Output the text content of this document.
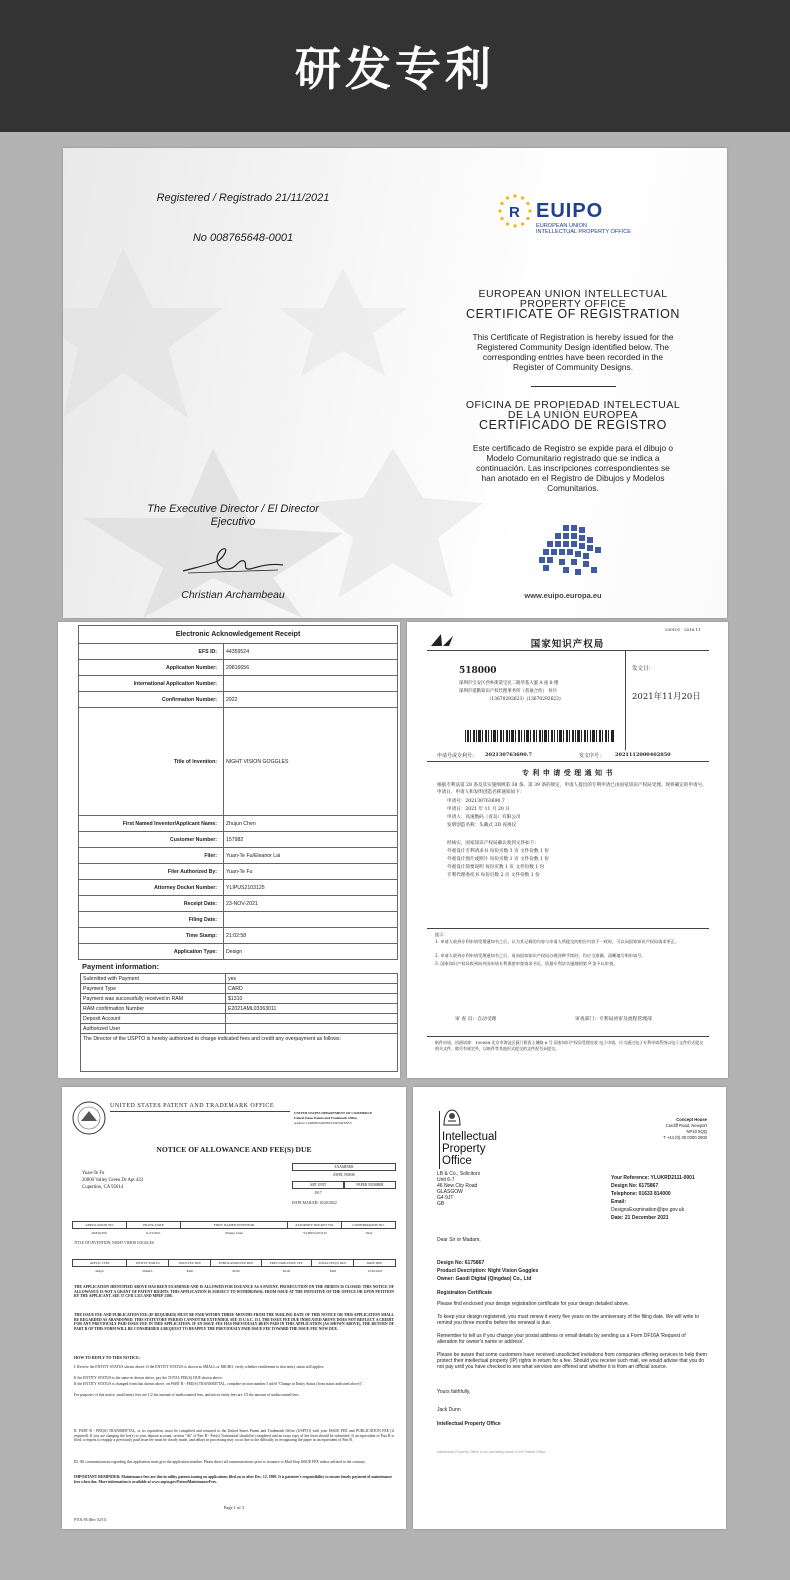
研发专利
Registered / Registrado 21/11/2021
No 008765648-0001
R EUIPO
EUROPEAN UNION
INTELLECTUAL PROPERTY OFFICE
EUROPEAN UNION INTELLECTUAL
PROPERTY OFFICE
CERTIFICATE OF REGISTRATION
This Certificate of Registration is hereby issued for the
Registered Community Design identified below. The
corresponding entries have been recorded in the
Register of Community Designs.
OFICINA DE PROPIEDAD INTELECTUAL
DE LA UNIÓN EUROPEA
CERTIFICADO DE REGISTRO
Este certificado de Registro se expide para el dibujo o
Modelo Comunitario registrado que se indica a
continuación. Las inscripciones correspondientes se
han anotado en el Registro de Dibujos y Modelos
Comunitarios.
The Executive Director / El Director
Ejecutivo
Christian Archambeau	www.euipo.europa.eu
Electronic Acknowledgement Receipt	
EFS ID:	44359524
Application Number:	29816656
International Application Number:	
Confirmation Number:	2922
Title of Invention:	NIGHT VISION GOGGLES
First Named Inventor/Applicant Name:	Zhujun Chen
Customer Number:	157982
Filer:	Yuan-Te Fu/Eleanor Lai
Filer Authorized By:	Yuan-Te Fu
Attorney Docket Number:	YLIPUS2103125
Receipt Date:	23-NOV-2021
Filing Date:	
Time Stamp:	21:02:58
Application Type:	Design
Payment information:
Submitted with Payment	yes
Payment Type	CARD
Payment was successfully received in RAM	$1310
RAM confirmation Number	E2021AML03363011
Deposit Account	
Authorized User	
The Director of the USPTO is hereby authorized to charge indicated fees and credit any overpayment as follows:	
200101 · 2018.11
国家知识产权局
518000
深圳市宝安区西乡街道宝民二路华基大厦 A 座 8 楼
深圳市道勤知识产权代理事务所（普通合伙） 何兵
（13670292623）(13670292623)
发文日：
2021年11月20日
申请号或专利号： 202130763690.7	发文序号： 2021112000402850
专 利 申 请 受 理 通 知 书
根据专利法第 28 条及其实施细则第 38 条、第 39 条的规定，申请人提出的专利申请已由国家知识产权局受理。现将确定的申请号、申请日、申请人和发明创造名称通知如下：
申请号：202130763690.7
申请日：2021 年 11 月 20 日
申请人：高速数码（青岛）有限公司
发明创造名称：头戴式 3D 夜视仪
经核实，国家知识产权局确认收到文件如下：
外观设计专利请求书 每份页数 3 页 文件份数 1 份
外观设计图片或照片 每份页数 1 页 文件份数 1 份
外观设计简要说明 每份页数 1 页 文件份数 1 份
专利代理委托书 每份页数 2 页 文件份数 1 份
提示：
1. 申请人收到专利申请受理通知书之后，认为其记载的内容与申请人所提交的相应内容不一致时，可以向国家知识产权局请求更正。
2. 申请人收到专利申请受理通知书之后，再向国家知识产权局办理各种手续时，均应当准确、清晰地写明申请号。
3. 国家知识产权局收到向外国申请专利保密审查请求书后，依据专利法实施细则第 9 条予以审查。
审 查 员：自动受理	审查部门：专利局初审及流程管理部
纸件申请，回函请寄：100088 北京市海淀区蓟门桥西土城路 6 号 国家知识产权局受理处收 电子申请，应当通过电子专利申请系统以电子文件形式提交相关文件。除另有规定外，以纸件等其他形式提交的文件视为未提交。
UNITED STATES PATENT AND TRADEMARK OFFICE
UNITED STATES DEPARTMENT OF COMMERCE
United States Patent and Trademark Office
Address: COMMISSIONER FOR PATENTS
NOTICE OF ALLOWANCE AND FEE(S) DUE
Yuan-Te Fu
20800 Valley Green Dr Apt 433
Cupertino, CA 95014
EXAMINER
JOHN, NOBIS
ART UNIT	PAPER NUMBER
2917
DATE MAILED: 10/20/2022
APPLICATION NO.	FILING DATE	FIRST NAMED INVENTOR	ATTORNEY DOCKET NO.	CONFIRMATION NO.
29/816,656	11/23/2021	Zhujun Chen	YLIPUS2103125	2922
TITLE OF INVENTION: NIGHT VISION GOGGLES
APPLN. TYPE	ENTITY STATUS	ISSUE FEE DUE	PUBLICATION FEE DUE	PREV. PAID ISSUE FEE	TOTAL FEE(S) DUE	DATE DUE
design	SMALL	$420	$0.00	$0.00	$420	01/20/2023
THE APPLICATION IDENTIFIED ABOVE HAS BEEN EXAMINED AND IS ALLOWED FOR ISSUANCE AS A PATENT. PROSECUTION ON THE MERITS IS CLOSED. THIS NOTICE OF ALLOWANCE IS NOT A GRANT OF PATENT RIGHTS. THIS APPLICATION IS SUBJECT TO WITHDRAWAL FROM ISSUE AT THE INITIATIVE OF THE OFFICE OR UPON PETITION BY THE APPLICANT. SEE 37 CFR 1.313 AND MPEP 1308.
THE ISSUE FEE AND PUBLICATION FEE (IF REQUIRED) MUST BE PAID WITHIN THREE MONTHS FROM THE MAILING DATE OF THIS NOTICE OR THIS APPLICATION SHALL BE REGARDED AS ABANDONED. THIS STATUTORY PERIOD CANNOT BE EXTENDED. SEE 35 U.S.C. 151. THE ISSUE FEE DUE INDICATED ABOVE DOES NOT REFLECT A CREDIT FOR ANY PREVIOUSLY PAID ISSUE FEE IN THIS APPLICATION. IF AN ISSUE FEE HAS PREVIOUSLY BEEN PAID IN THIS APPLICATION (AS SHOWN ABOVE), THE RETURN OF PART B OF THIS FORM WILL BE CONSIDERED A REQUEST TO REAPPLY THE PREVIOUSLY PAID ISSUE FEE TOWARD THE ISSUE FEE NOW DUE.
HOW TO REPLY TO THIS NOTICE:
I. Review the ENTITY STATUS shown above. If the ENTITY STATUS is shown as SMALL or MICRO, verify whether entitlement to that entity status still applies.
If the ENTITY STATUS is the same as shown above, pay the TOTAL FEE(S) DUE shown above.
If the ENTITY STATUS is changed from that shown above, on PART B - FEE(S) TRANSMITTAL, complete section number 5 titled "Change in Entity Status (from status indicated above)".
For purposes of this notice, small entity fees are 1/2 the amount of undiscounted fees, and micro entity fees are 1/5 the amount of undiscounted fees.
II. PART B - FEE(S) TRANSMITTAL, or its equivalent, must be completed and returned to the United States Patent and Trademark Office (USPTO) with your ISSUE FEE and PUBLICATION FEE (if required). If you are charging the fee(s) to your deposit account, section "4b" of Part B - Fee(s) Transmittal should be completed and an extra copy of the form should be submitted. If an equivalent of Part B is filed, a request to reapply a previously paid issue fee must be clearly made, and delays in processing may occur due to the difficulty in recognizing the paper as an equivalent of Part B.
III. All communications regarding this application must give the application number. Please direct all communications prior to issuance to Mail Stop ISSUE FEE unless advised to the contrary.
IMPORTANT REMINDER: Maintenance fees are due in utility patents issuing on applications filed on or after Dec. 12, 1980. It is patentee's responsibility to ensure timely payment of maintenance fees when due. More information is available at www.uspto.gov/PatentMaintenanceFees.
Page 1 of 3
PTOL-85 (Rev. 02/11)
Intellectual
Property
Office
Concept House
Cardiff Road, Newport
NP10 8QQ
T +44 (0) 30 0300 2000
LB & Co., Solicitors
Unit 6-7
46 New City Road
GLASGOW
G4 9JT
GB
Your Reference: YLUKRD2111-0001
Design No: 6175867
Telephone: 01633 814000
Email:
DesignsExamination@ipo.gov.uk
Date: 21 December 2021
Dear Sir or Madam,
Design No: 6175867
Product Description: Night Vision Goggles
Owner: Gaodi Digital (Qingdao) Co., Ltd
Registration Certificate
Please find enclosed your design registration certificate for your design detailed above.
To keep your design registered, you must renew it every five years on the anniversary of the filing date. We will write to remind you three months before the renewal is due.
Remember to tell us if you change your postal address or email details by sending us a Form DF16A 'Request of alteration for owner's name or address'.
Please be aware that some customers have received unsolicited invitations from companies offering services to help them protect their intellectual property (IP) rights in return for a fee. Should you receive such mail, we would advise that you do not pay until you have checked to see what services are offered and whether it is from an official source.
Yours faithfully,
Jack Dunn
Intellectual Property Office
Intellectual Property Office is an operating name of the Patent Office
